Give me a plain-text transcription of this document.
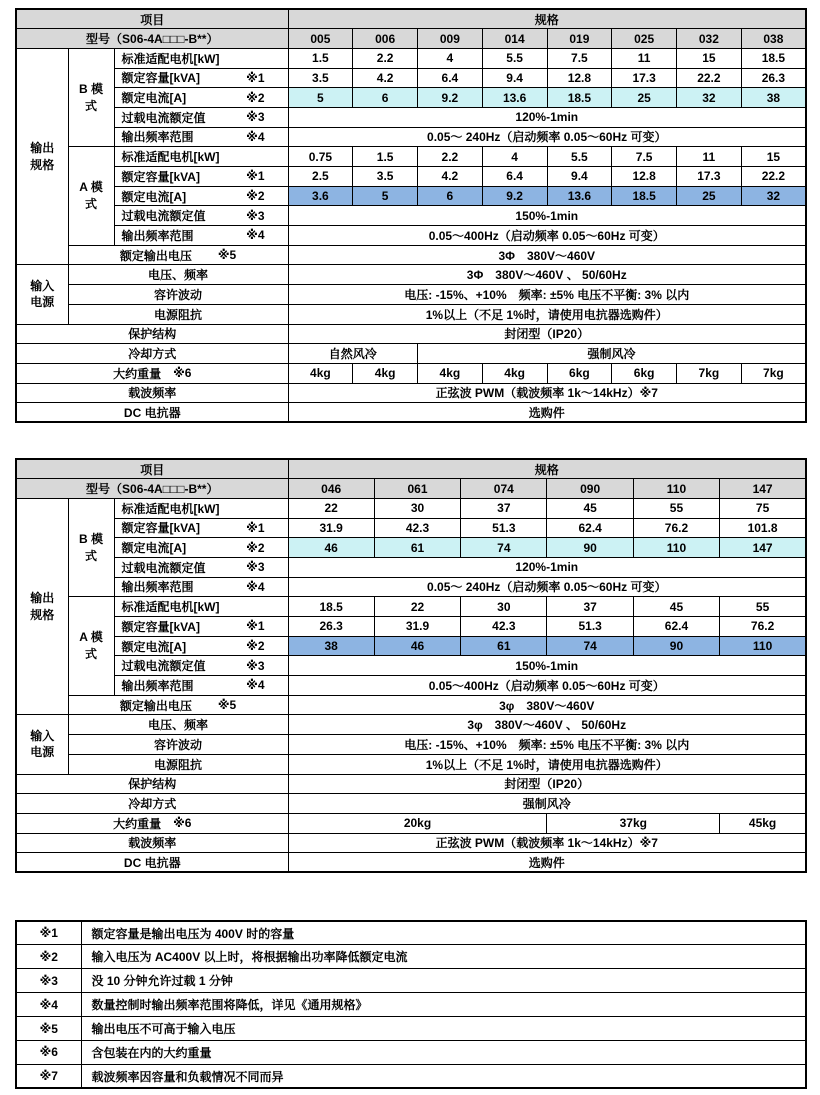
项目			规格							
型号（S06-4A□□□-B**）			005	006	009	014	019	025	032	038

输出规格	B 模式	标准适配电机[kW]	1.5	2.2	4	5.5	7.5	11	15	18.5

		额定容量[kVA] ※1	3.5	4.2	6.4	9.4	12.8	17.3	22.2	26.3

		额定电流[A] ※2	5	6	9.2	13.6	18.5	25	32	38

		过载电流额定值 ※3	120%-1min							

		输出频率范围 ※4	0.05～ 240Hz（启动频率 0.05～60Hz 可变）							

	A 模式	标准适配电机[kW]	0.75	1.5	2.2	4	5.5	7.5	11	15

		额定容量[kVA] ※1	2.5	3.5	4.2	6.4	9.4	12.8	17.3	22.2

		额定电流[A] ※2	3.6	5	6	9.2	13.6	18.5	25	32

		过载电流额定值 ※3	150%-1min							

		输出频率范围 ※4	0.05～400Hz（启动频率 0.05～60Hz 可变）							

	额定输出电压 ※5		3Φ　380V～460V							

输入电源	电压、频率		3Φ　380V～460V 、 50/60Hz							
	容许波动		电压: -15%、+10%　频率: ±5% 电压不平衡: 3% 以内							
	电源阻抗		1%以上（不足 1%时，请使用电抗器选购件）							

保护结构			封闭型（IP20）							

冷却方式			自然风冷		强制风冷					

大约重量 ※6			4kg	4kg	4kg	4kg	6kg	6kg	7kg	7kg

载波频率			正弦波 PWM（载波频率 1k～14kHz）※7							

DC 电抗器			选购件							
项目			规格					
型号（S06-4A□□□-B**）			046	061	074	090	110	147

输出规格	B 模式	标准适配电机[kW]	22	30	37	45	55	75

		额定容量[kVA] ※1	31.9	42.3	51.3	62.4	76.2	101.8

		额定电流[A] ※2	46	61	74	90	110	147

		过载电流额定值 ※3	120%-1min					

		输出频率范围 ※4	0.05～ 240Hz（启动频率 0.05～60Hz 可变）					

	A 模式	标准适配电机[kW]	18.5	22	30	37	45	55

		额定容量[kVA] ※1	26.3	31.9	42.3	51.3	62.4	76.2

		额定电流[A] ※2	38	46	61	74	90	110

		过载电流额定值 ※3	150%-1min					

		输出频率范围 ※4	0.05～400Hz（启动频率 0.05～60Hz 可变）					

	额定输出电压 ※5		3φ　380V～460V					

输入电源	电压、频率		3φ　380V～460V 、 50/60Hz					
	容许波动		电压: -15%、+10%　频率: ±5% 电压不平衡: 3% 以内					
	电源阻抗		1%以上（不足 1%时，请使用电抗器选购件）					

保护结构			封闭型（IP20）					

冷却方式			强制风冷					

大约重量 ※6			20kg			37kg		45kg

载波频率			正弦波 PWM（载波频率 1k～14kHz）※7					

DC 电抗器			选购件					
※1	额定容量是输出电压为 400V 时的容量
※2	输入电压为 AC400V 以上时，将根据输出功率降低额定电流
※3	没 10 分钟允许过载 1 分钟
※4	数量控制时输出频率范围将降低，详见《通用规格》
※5	输出电压不可高于输入电压
※6	含包装在内的大约重量
※7	载波频率因容量和负载情况不同而异
